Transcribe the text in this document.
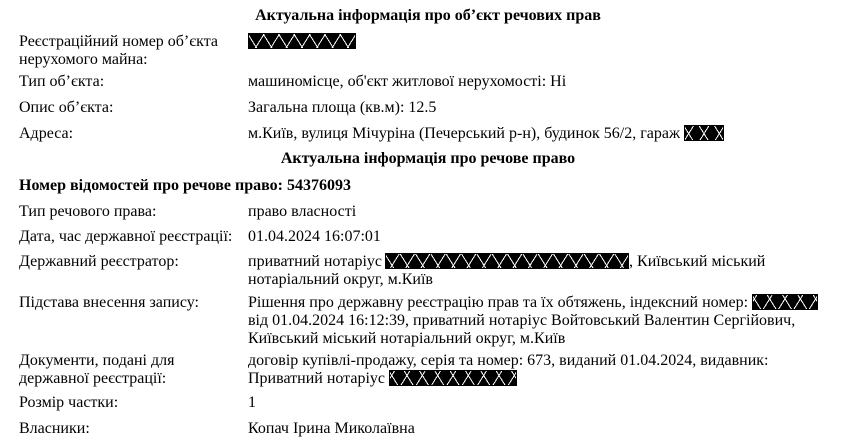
Актуальна інформація про об’єкт речових прав
Реєстраційний номер об’єкта нерухомого майна:
Тип об’єкта:	машиномісце, об'єкт житлової нерухомості: Ні
Опис об’єкта:	Загальна площа (кв.м): 12.5
Адреса:	м.Київ, вулиця Мічуріна (Печерський р-н), будинок 56/2, гараж
Актуальна інформація про речове право
Номер відомостей про речове право: 54376093
Тип речового права:	право власності
Дата, час державної реєстрації: 01.04.2024 16:07:01
Державний реєстратор:	приватний нотаріус	, Київський міський нотаріальний округ, м.Київ
Підстава внесення запису:	Рішення про державну реєстрацію прав та їх обтяжень, індексний номер:  від 01.04.2024 16:12:39, приватний нотаріус Войтовський Валентин Сергійович, Київський міський нотаріальний округ, м.Київ
Документи, подані для державної реєстрації:
договір купівлі-продажу, серія та номер: 673, виданий 01.04.2024, видавник: Приватний нотаріус
Розмір частки:	1
Власники:	Копач Ірина Миколаївна
